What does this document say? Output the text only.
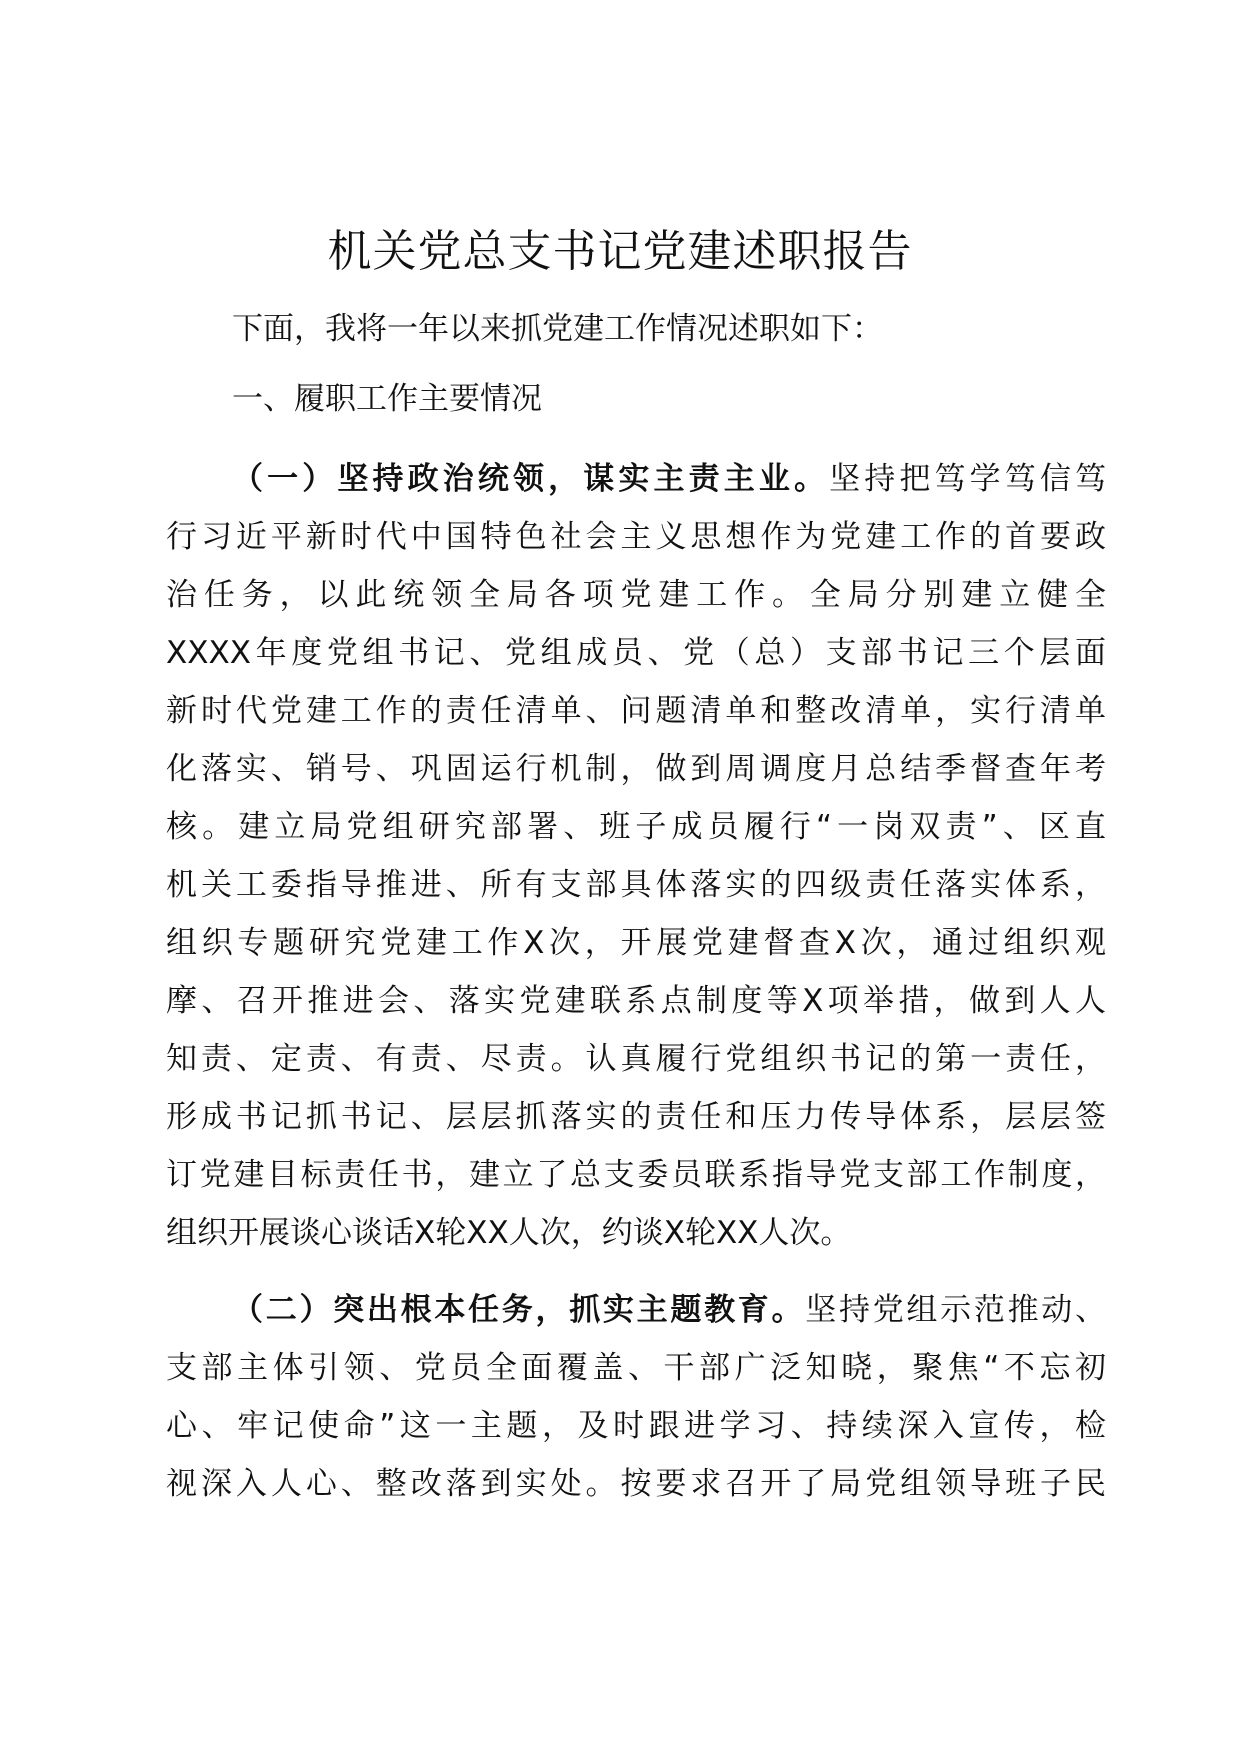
机关党总支书记党建述职报告
下面，我将一年以来抓党建工作情况述职如下：
一、履职工作主要情况
（一）坚持政治统领，谋实主责主业。坚持把笃学笃信笃
行习近平新时代中国特色社会主义思想作为党建工作的首要政
治任务，以此统领全局各项党建工作。全局分别建立健全
XXXX年度党组书记、党组成员、党（总）支部书记三个层面
新时代党建工作的责任清单、问题清单和整改清单，实行清单
化落实、销号、巩固运行机制，做到周调度月总结季督查年考
核。建立局党组研究部署、班子成员履行“一岗双责”、区直
机关工委指导推进、所有支部具体落实的四级责任落实体系，
组织专题研究党建工作X次，开展党建督查X次，通过组织观
摩、召开推进会、落实党建联系点制度等X项举措，做到人人
知责、定责、有责、尽责。认真履行党组织书记的第一责任，
形成书记抓书记、层层抓落实的责任和压力传导体系，层层签
订党建目标责任书，建立了总支委员联系指导党支部工作制度，
组织开展谈心谈话X轮XX人次，约谈X轮XX人次。
（二）突出根本任务，抓实主题教育。坚持党组示范推动、
支部主体引领、党员全面覆盖、干部广泛知晓，聚焦“不忘初
心、牢记使命”这一主题，及时跟进学习、持续深入宣传，检
视深入人心、整改落到实处。按要求召开了局党组领导班子民
